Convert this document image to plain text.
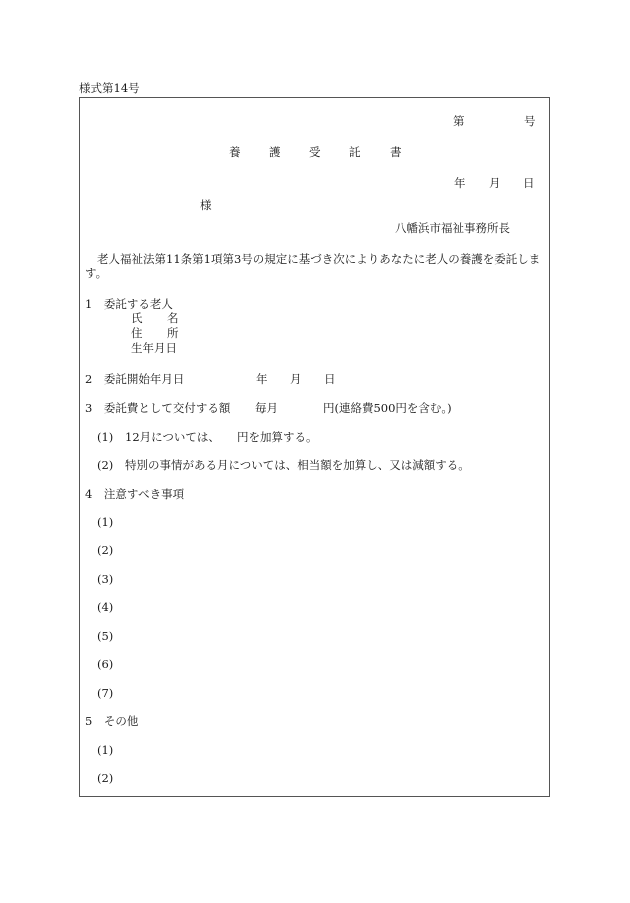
様式第14号
第	号
養 護 受 託	書
年 月 日
様
八幡浜市福祉事務所長
老人福祉法第11条第1項第3号の規定に基づき次によりあなたに老人の養護を委託しま
す。
1　委託する老人
氏 名
住 所
生年月日
2　委託開始年月日	年 月 日
3　委託費として交付する額 毎月	円(連絡費500円を含む。)
(1) 12月については、 円を加算する。
(2) 特別の事情がある月については、相当額を加算し、又は減額する。
4　注意すべき事項
(1)
(2)
(3)
(4)
(5)
(6)
(7)
5　その他
(1)
(2)
